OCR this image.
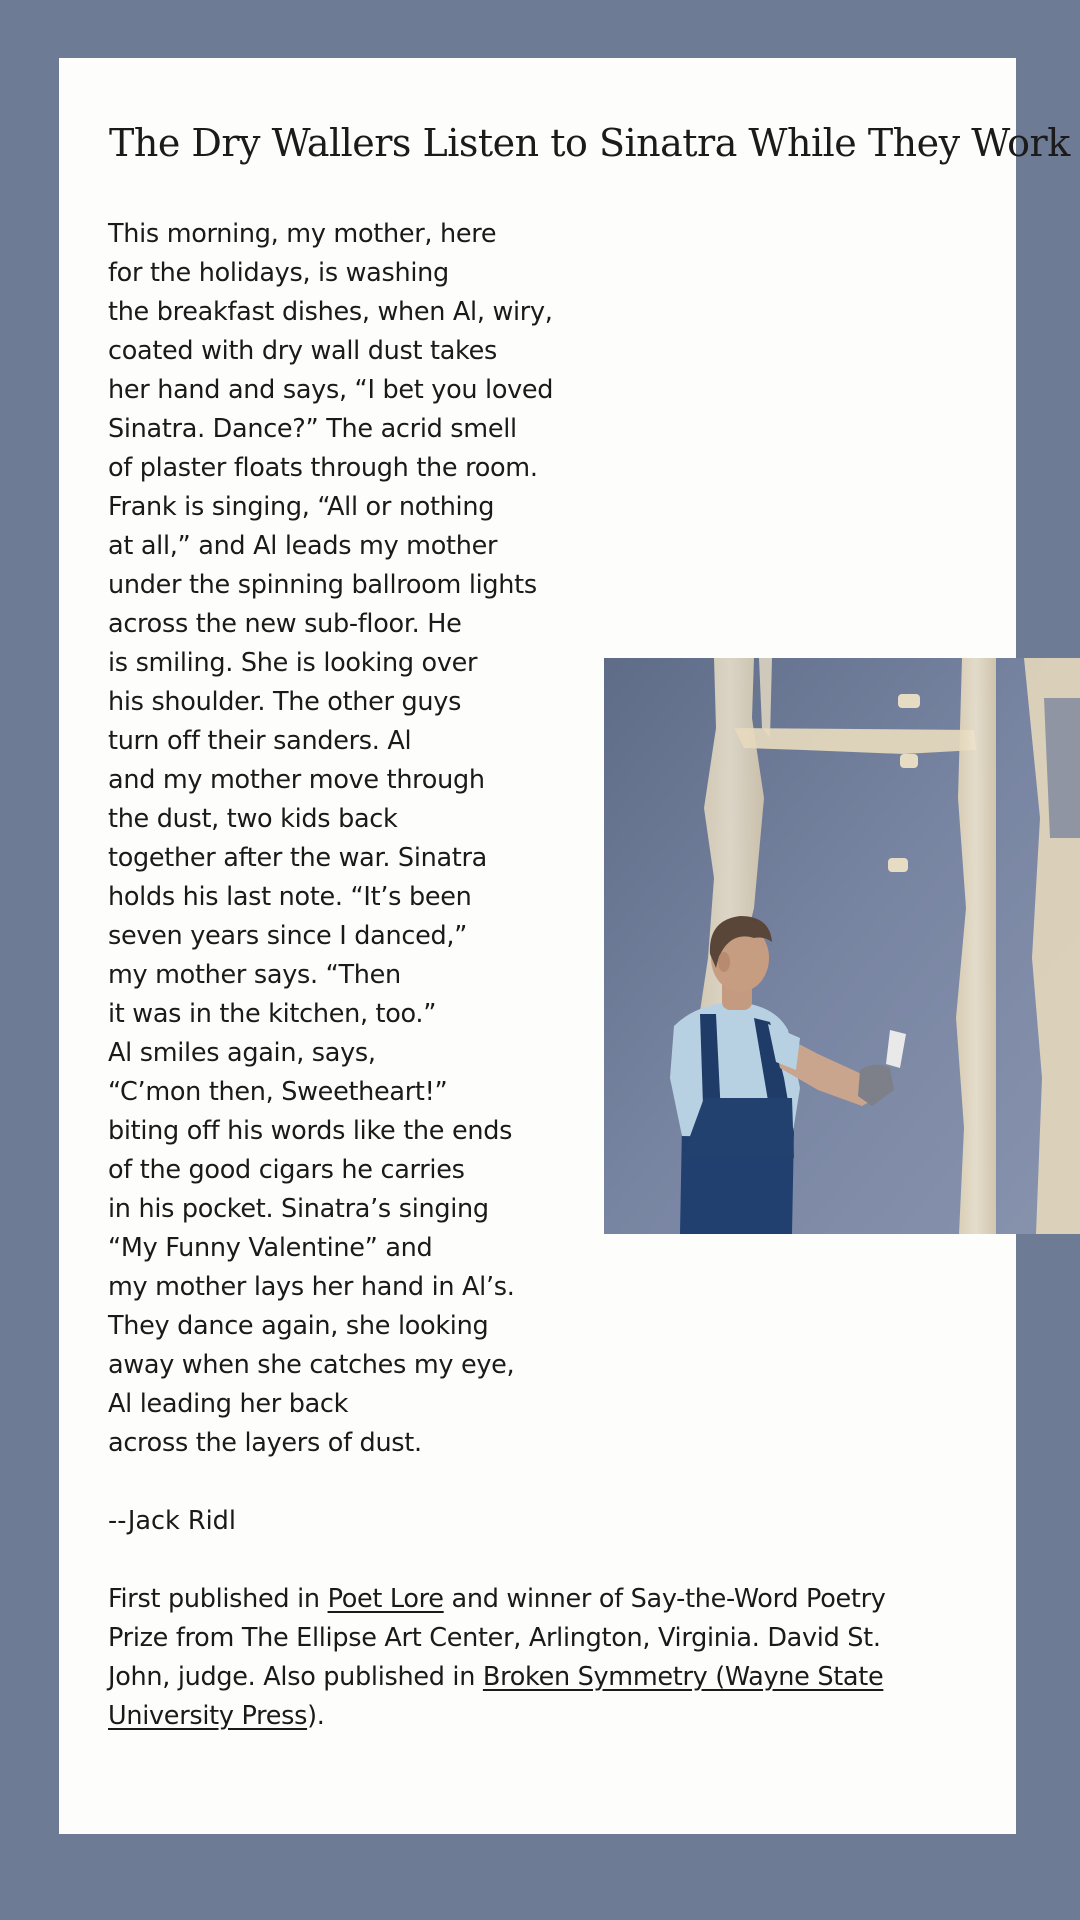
The Dry Wallers Listen to Sinatra While They Work
This morning, my mother, here
for the holidays, is washing
the breakfast dishes, when Al, wiry,
coated with dry wall dust takes
her hand and says, “I bet you loved
Sinatra. Dance?” The acrid smell
of plaster floats through the room.
Frank is singing, “All or nothing
at all,” and Al leads my mother
under the spinning ballroom lights
across the new sub-floor. He
is smiling. She is looking over
his shoulder. The other guys
turn off their sanders. Al
and my mother move through
the dust, two kids back
together after the war. Sinatra
holds his last note. “It’s been
seven years since I danced,”
my mother says. “Then
it was in the kitchen, too.”
Al smiles again, says,
“C’mon then, Sweetheart!”
biting off his words like the ends
of the good cigars he carries
in his pocket. Sinatra’s singing
“My Funny Valentine” and
my mother lays her hand in Al’s.
They dance again, she looking
away when she catches my eye,
Al leading her back
across the layers of dust.

--Jack Ridl

First published in Poet Lore and winner of Say-the-Word Poetry Prize from The Ellipse Art Center, Arlington, Virginia. David St. John, judge. Also published in Broken Symmetry (Wayne State University Press).
